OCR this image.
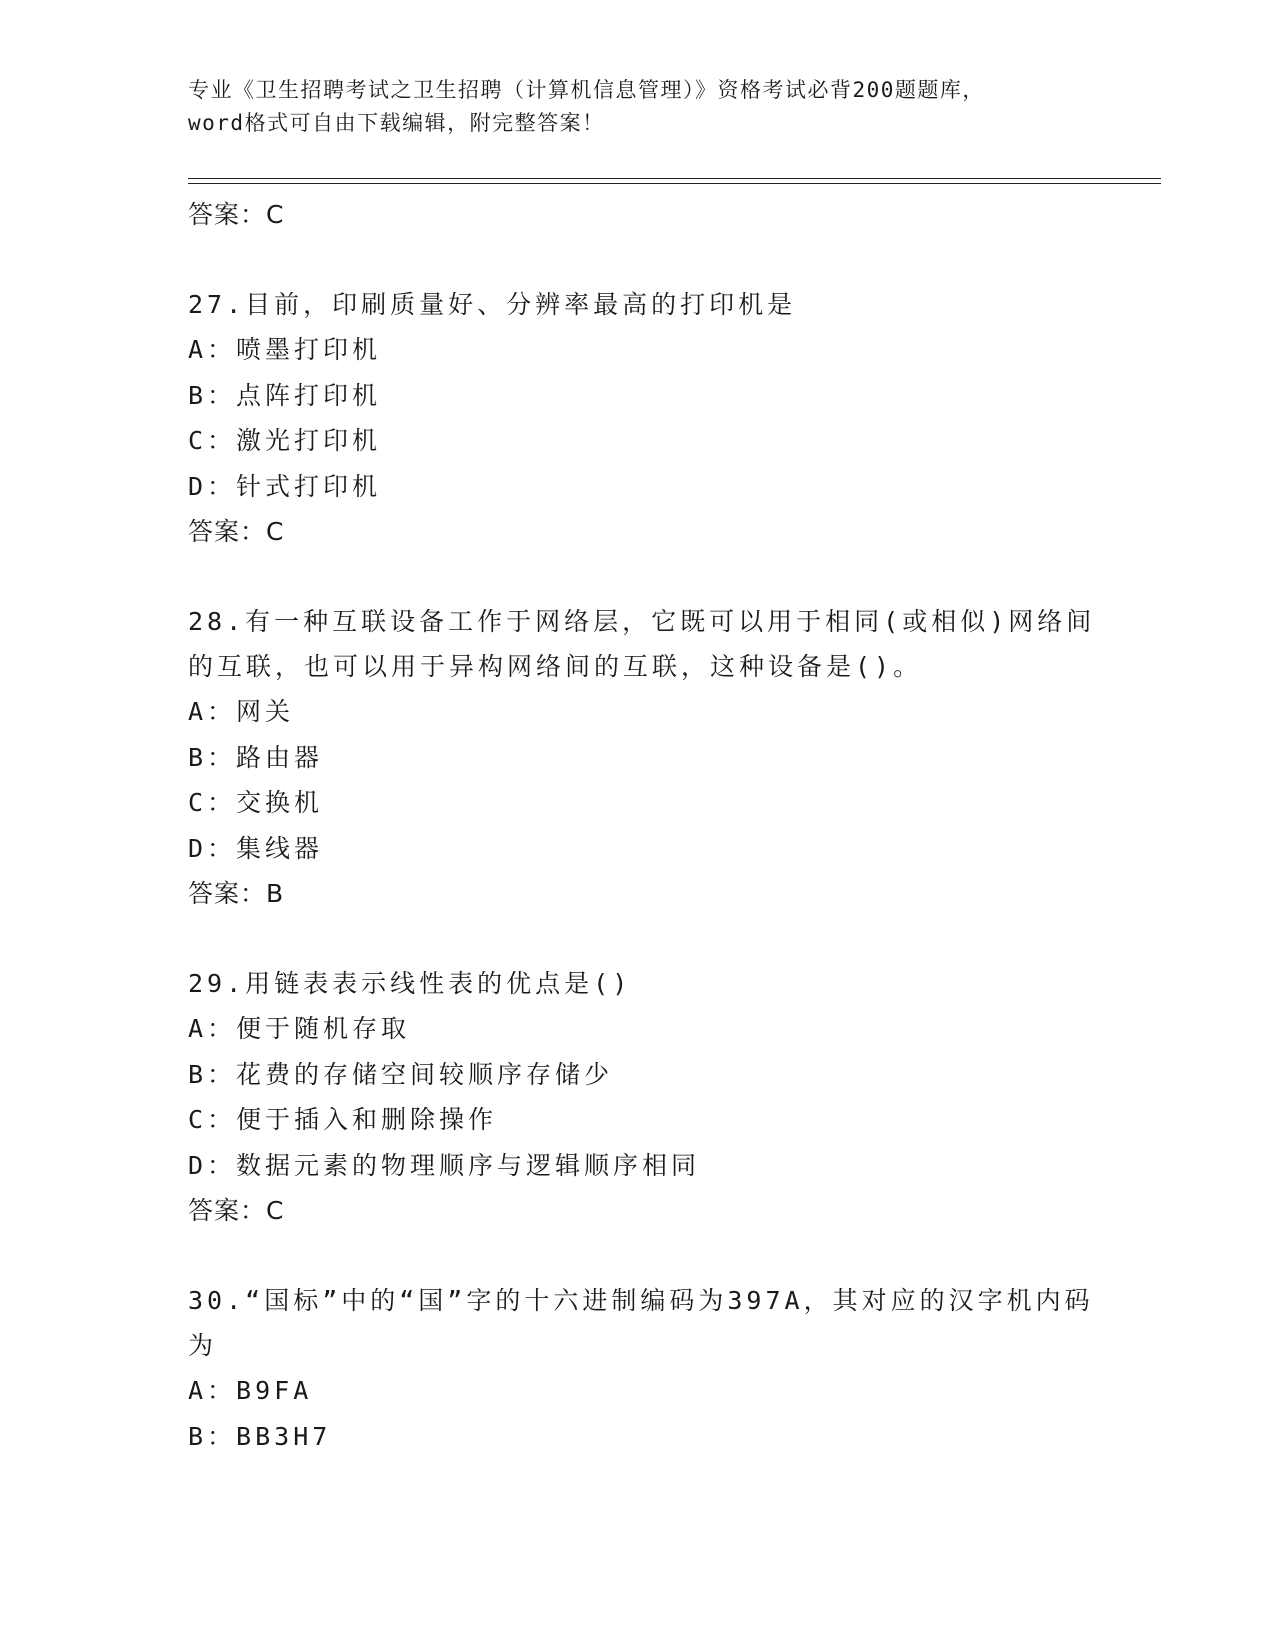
专业《卫生招聘考试之卫生招聘（计算机信息管理）》资格考试必背200题题库，
word格式可自由下载编辑，附完整答案！
答案：C
27.目前，印刷质量好、分辨率最高的打印机是
A：喷墨打印机
B：点阵打印机
C：激光打印机
D：针式打印机
答案：C
28.有一种互联设备工作于网络层，它既可以用于相同(或相似)网络间的互联，也可以用于异构网络间的互联，这种设备是()。
A：网关
B：路由器
C：交换机
D：集线器
答案：B
29.用链表表示线性表的优点是()
A：便于随机存取
B：花费的存储空间较顺序存储少
C：便于插入和删除操作
D：数据元素的物理顺序与逻辑顺序相同
答案：C
30.“国标”中的“国”字的十六进制编码为397A，其对应的汉字机内码为
A：B9FA
B：BB3H7
